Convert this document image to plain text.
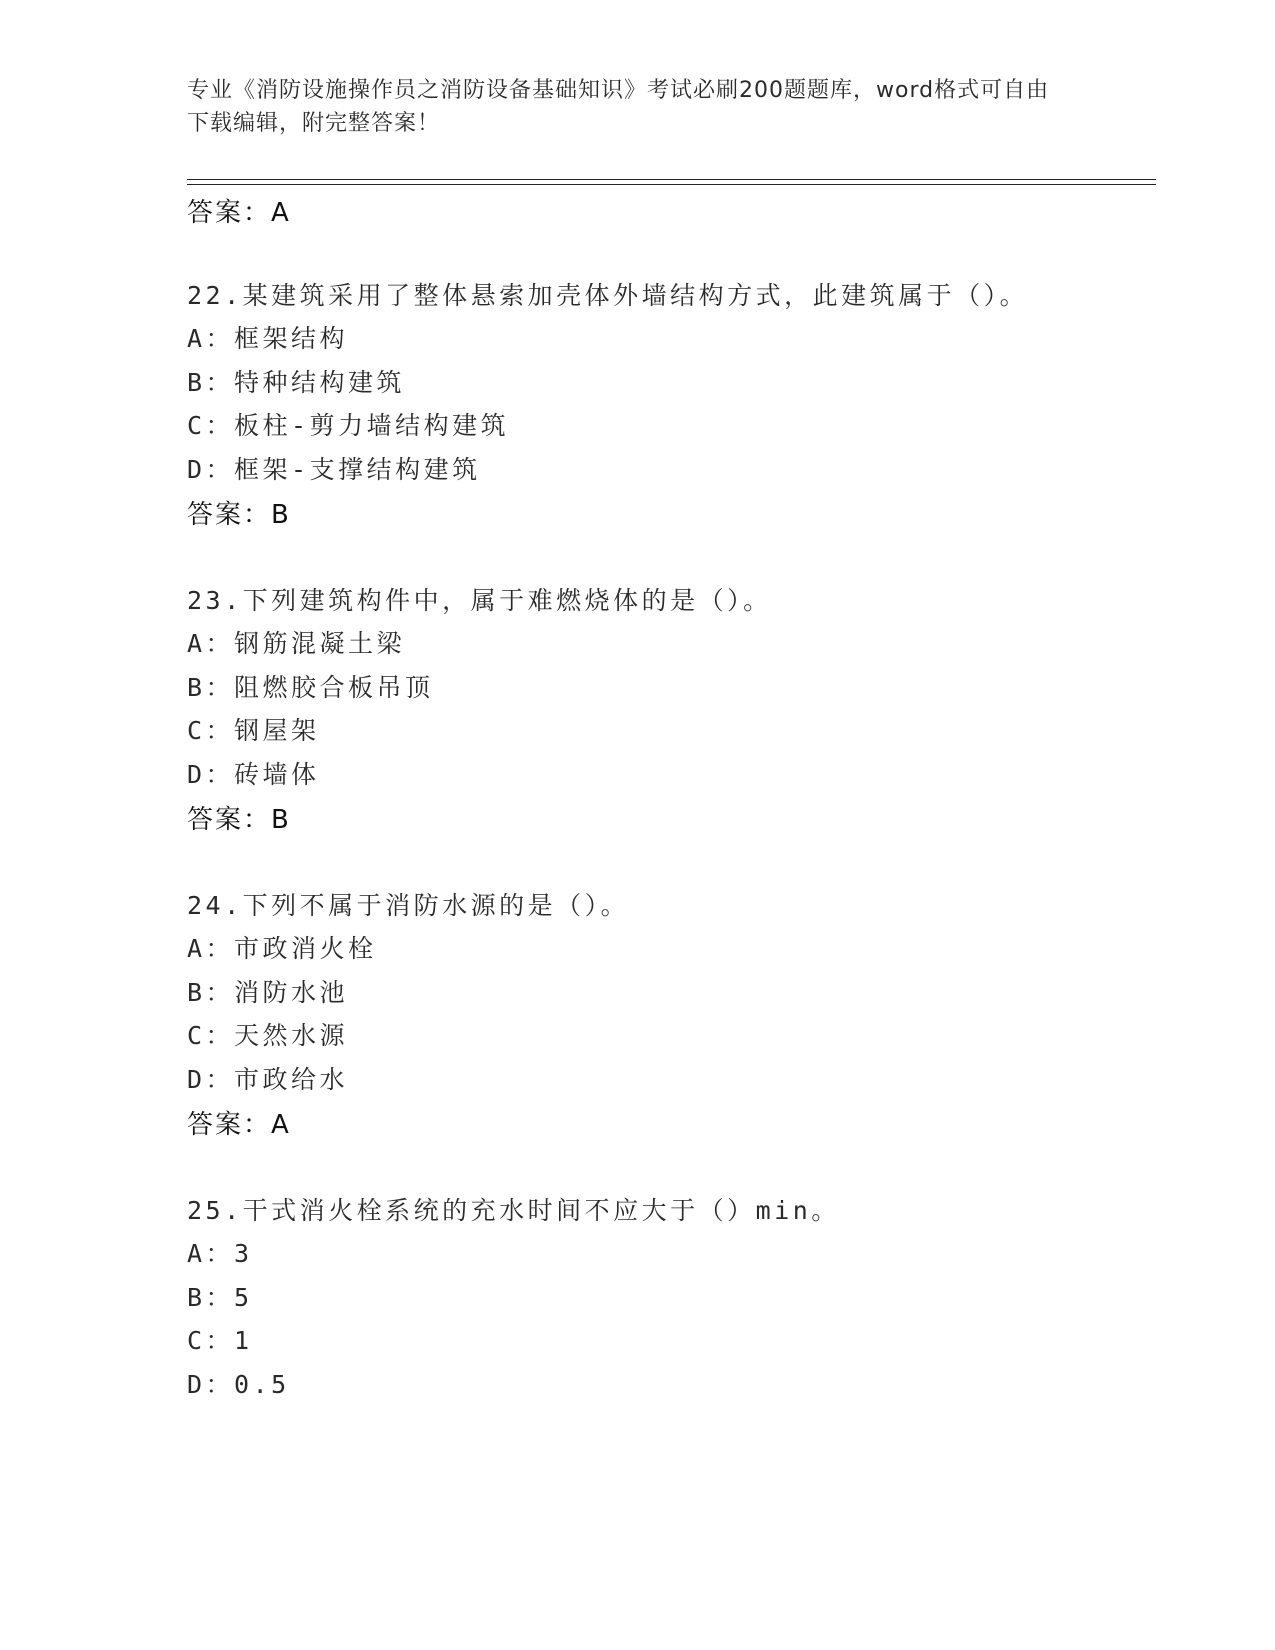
专业《消防设施操作员之消防设备基础知识》考试必刷200题题库，word格式可自由下载编辑，附完整答案！
答案：A
22.某建筑采用了整体悬索加壳体外墙结构方式，此建筑属于（）。
A：框架结构
B：特种结构建筑
C：板柱-剪力墙结构建筑
D：框架-支撑结构建筑
答案：B
23.下列建筑构件中，属于难燃烧体的是（）。
A：钢筋混凝土梁
B：阻燃胶合板吊顶
C：钢屋架
D：砖墙体
答案：B
24.下列不属于消防水源的是（）。
A：市政消火栓
B：消防水池
C：天然水源
D：市政给水
答案：A
25.干式消火栓系统的充水时间不应大于（）min。
A：3
B：5
C：1
D：0.5
